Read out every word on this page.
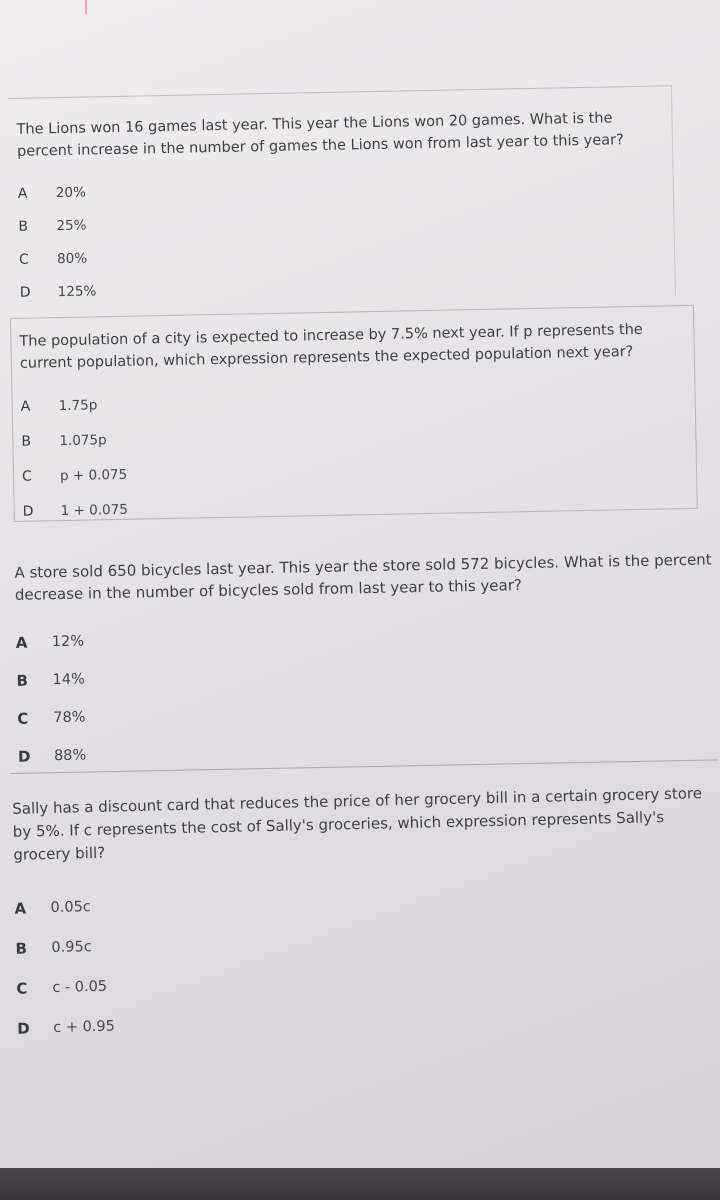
The Lions won 16 games last year. This year the Lions won 20 games. What is the percent increase in the number of games the Lions won from last year to this year?

A	20%
B	25%
C	80%
D	125%

The population of a city is expected to increase by 7.5% next year. If p represents the current population, which expression represents the expected population next year?

A	1.75p
B	1.075p
C	p + 0.075
D	1 + 0.075

A store sold 650 bicycles last year. This year the store sold 572 bicycles. What is the percent decrease in the number of bicycles sold from last year to this year?

A	12%
B	14%
C	78%
D	88%

Sally has a discount card that reduces the price of her grocery bill in a certain grocery store by 5%. If c represents the cost of Sally's groceries, which expression represents Sally's grocery bill?

A	0.05c
B	0.95c
C	c - 0.05
D	c + 0.95
